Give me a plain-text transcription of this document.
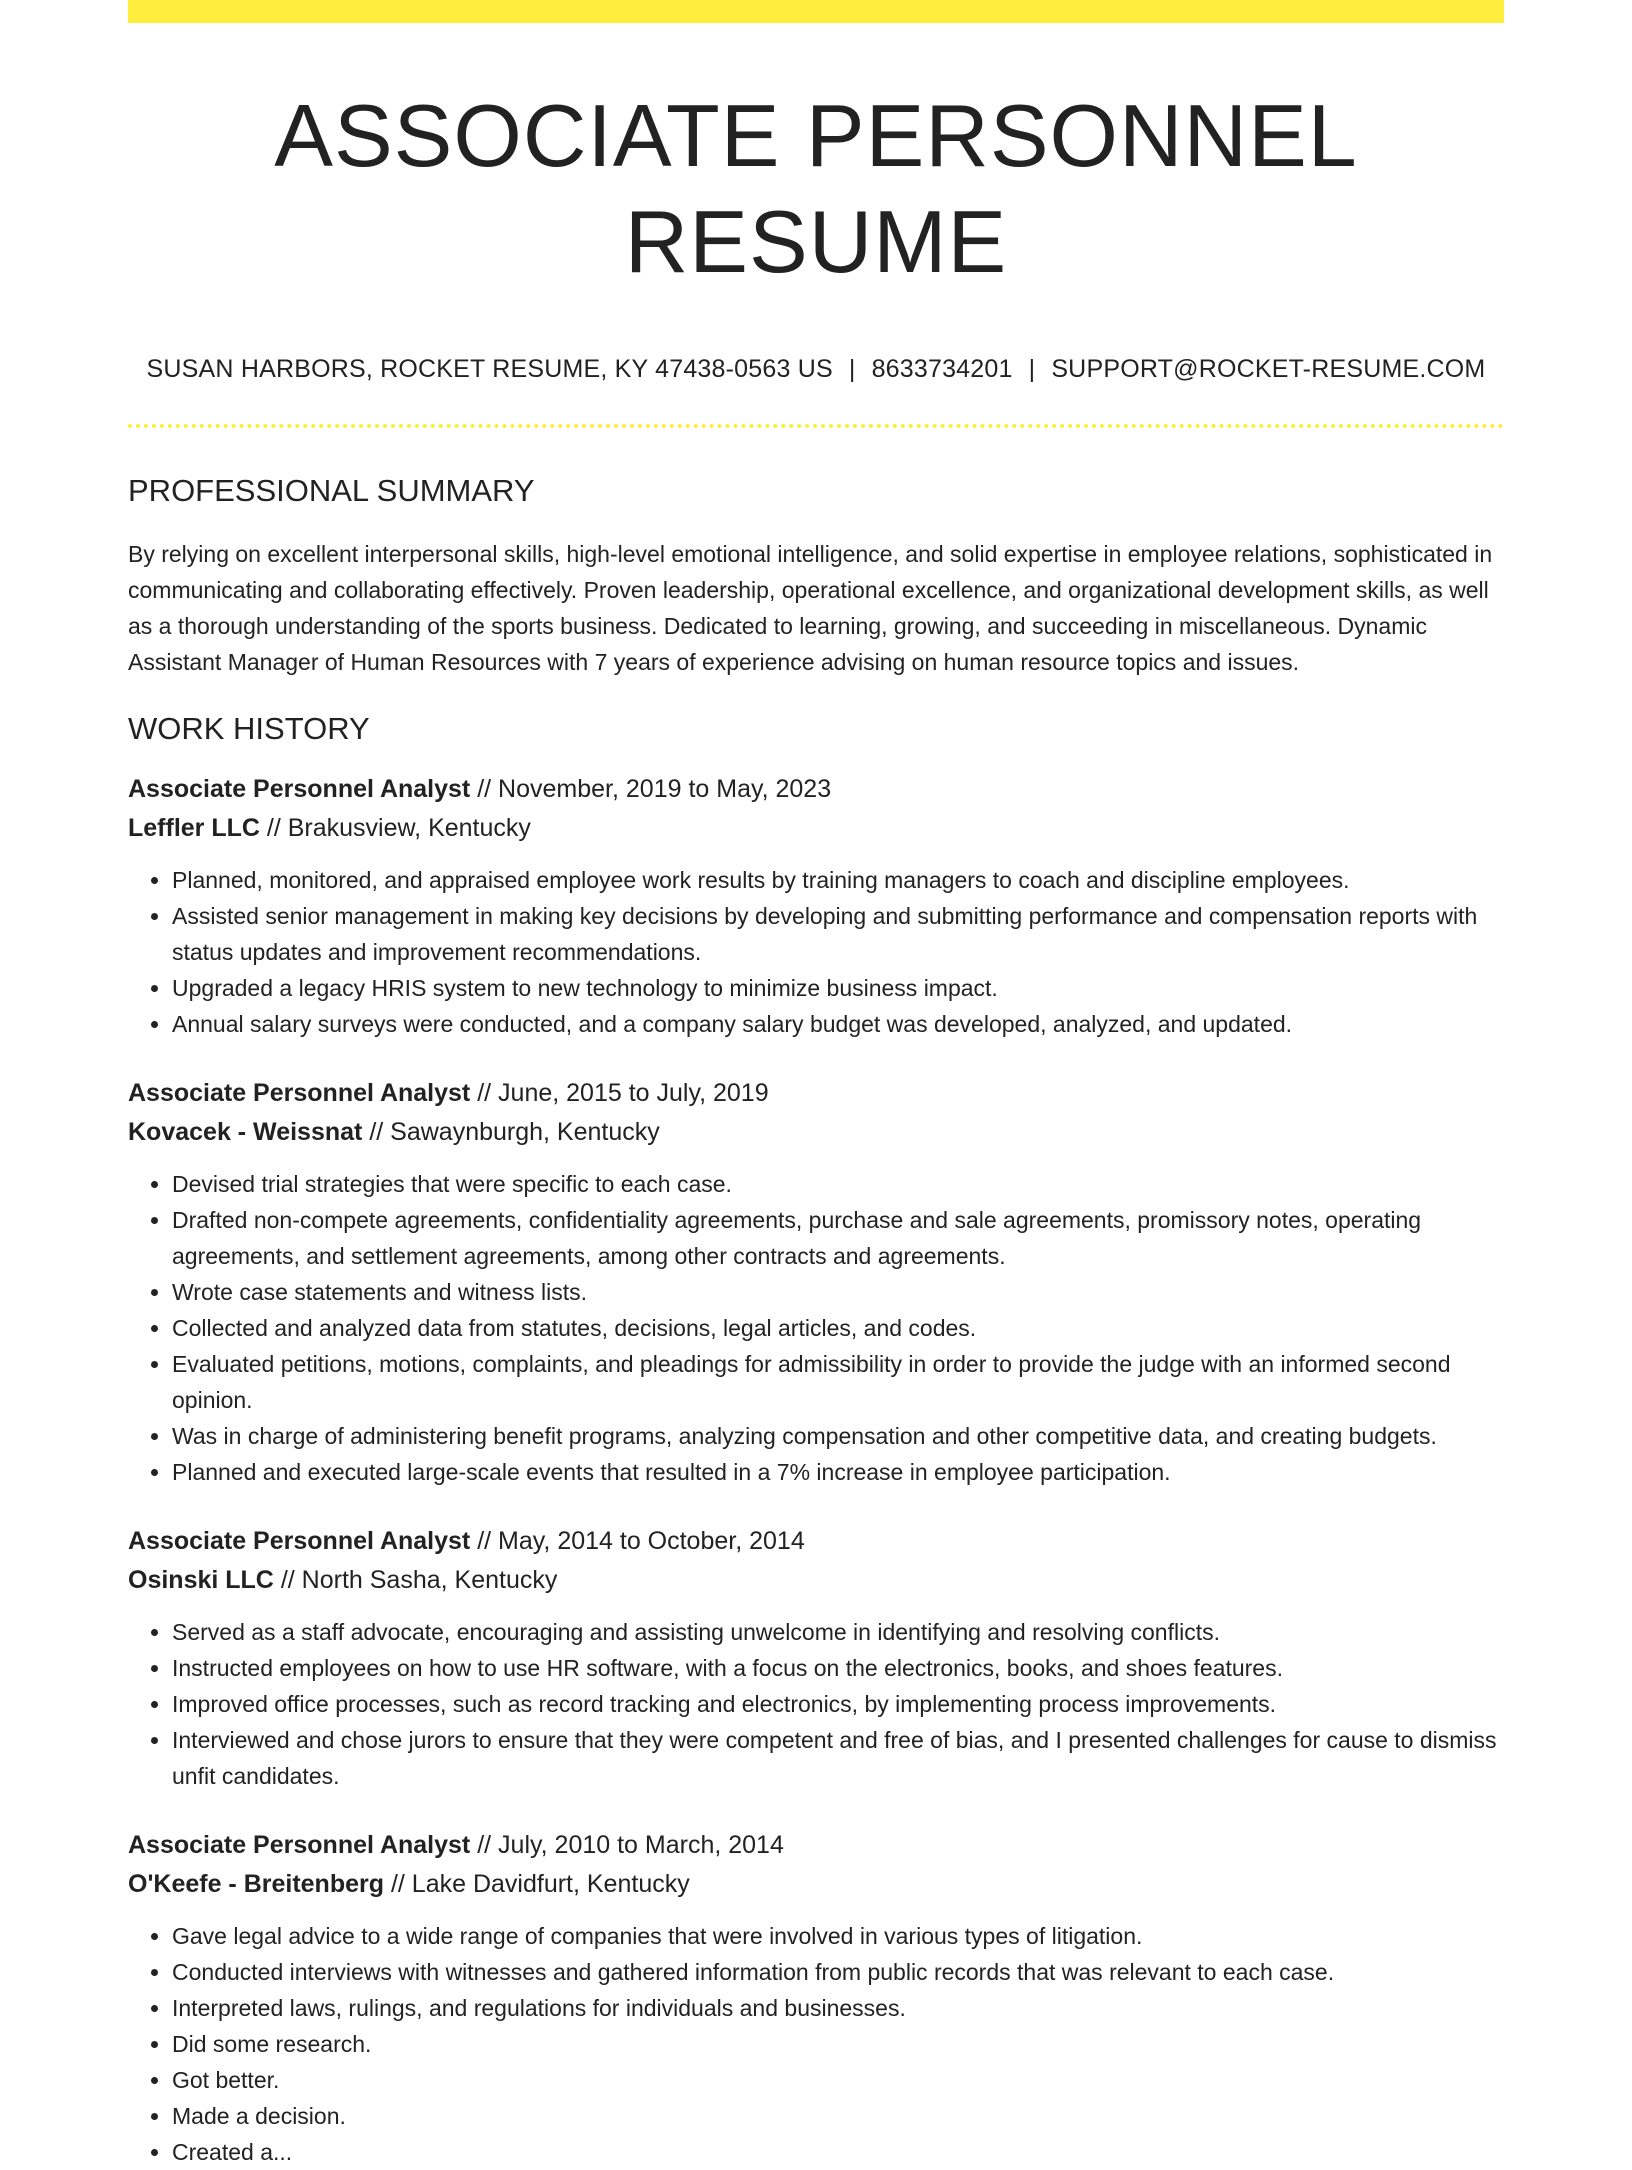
ASSOCIATE PERSONNEL RESUME
SUSAN HARBORS, ROCKET RESUME, KY 47438-0563 US | 8633734201 | SUPPORT@ROCKET-RESUME.COM
PROFESSIONAL SUMMARY

By relying on excellent interpersonal skills, high-level emotional intelligence, and solid expertise in employee relations, sophisticated in communicating and collaborating effectively. Proven leadership, operational excellence, and organizational development skills, as well as a thorough understanding of the sports business. Dedicated to learning, growing, and succeeding in miscellaneous. Dynamic Assistant Manager of Human Resources with 7 years of experience advising on human resource topics and issues.

WORK HISTORY
Associate Personnel Analyst // November, 2019 to May, 2023
Leffler LLC // Brakusview, Kentucky
• Planned, monitored, and appraised employee work results by training managers to coach and discipline employees.
• Assisted senior management in making key decisions by developing and submitting performance and compensation reports with status updates and improvement recommendations.
• Upgraded a legacy HRIS system to new technology to minimize business impact.
• Annual salary surveys were conducted, and a company salary budget was developed, analyzed, and updated.
Associate Personnel Analyst // June, 2015 to July, 2019
Kovacek - Weissnat // Sawaynburgh, Kentucky
• Devised trial strategies that were specific to each case.
• Drafted non-compete agreements, confidentiality agreements, purchase and sale agreements, promissory notes, operating agreements, and settlement agreements, among other contracts and agreements.
• Wrote case statements and witness lists.
• Collected and analyzed data from statutes, decisions, legal articles, and codes.
• Evaluated petitions, motions, complaints, and pleadings for admissibility in order to provide the judge with an informed second opinion.
• Was in charge of administering benefit programs, analyzing compensation and other competitive data, and creating budgets.
• Planned and executed large-scale events that resulted in a 7% increase in employee participation.
Associate Personnel Analyst // May, 2014 to October, 2014
Osinski LLC // North Sasha, Kentucky
• Served as a staff advocate, encouraging and assisting unwelcome in identifying and resolving conflicts.
• Instructed employees on how to use HR software, with a focus on the electronics, books, and shoes features.
• Improved office processes, such as record tracking and electronics, by implementing process improvements.
• Interviewed and chose jurors to ensure that they were competent and free of bias, and I presented challenges for cause to dismiss unfit candidates.
Associate Personnel Analyst // July, 2010 to March, 2014
O'Keefe - Breitenberg // Lake Davidfurt, Kentucky
• Gave legal advice to a wide range of companies that were involved in various types of litigation.
• Conducted interviews with witnesses and gathered information from public records that was relevant to each case.
• Interpreted laws, rulings, and regulations for individuals and businesses.
• Did some research.
• Got better.
• Made a decision.
• Created a...
